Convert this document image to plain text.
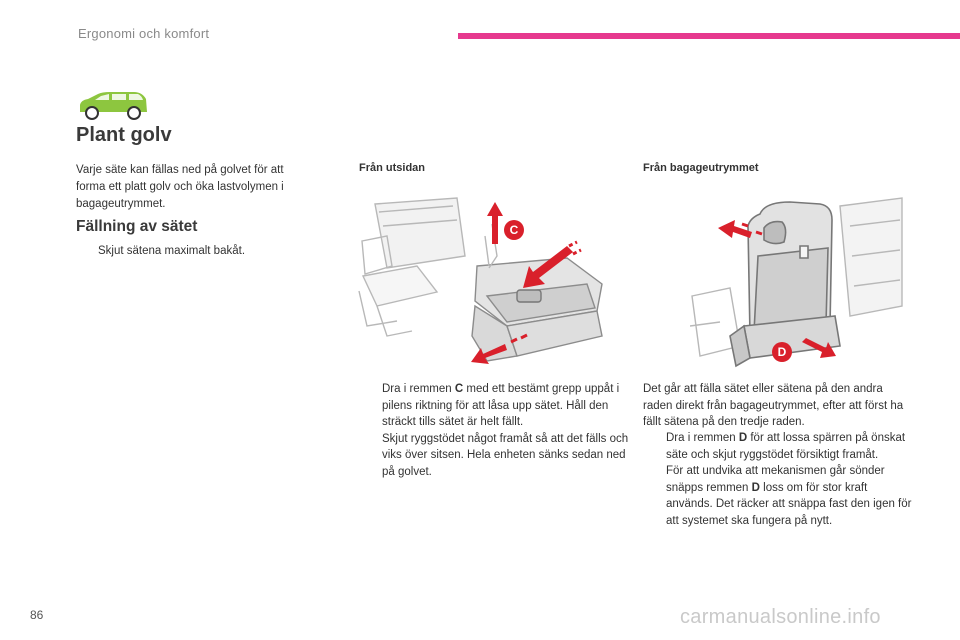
Ergonomi och komfort
Plant golv
Varje säte kan fällas ned på golvet för att forma ett platt golv och öka lastvolymen i bagageutrymmet.
Fällning av sätet
Skjut sätena maximalt bakåt.
Från utsidan	Från bagageutrymmet
C
D
Dra i remmen C med ett bestämt grepp uppåt i pilens riktning för att låsa upp sätet. Håll den sträckt tills sätet är helt fällt.
Skjut ryggstödet något framåt så att det fälls och viks över sitsen. Hela enheten sänks sedan ned på golvet.
Det går att fälla sätet eller sätena på den andra raden direkt från bagageutrymmet, efter att först ha fällt sätena på den tredje raden.
Dra i remmen D för att lossa spärren på önskat säte och skjut ryggstödet försiktigt framåt.
För att undvika att mekanismen går sönder snäpps remmen D loss om för stor kraft används. Det räcker att snäppa fast den igen för att systemet ska fungera på nytt.
86	carmanualsonline.info
